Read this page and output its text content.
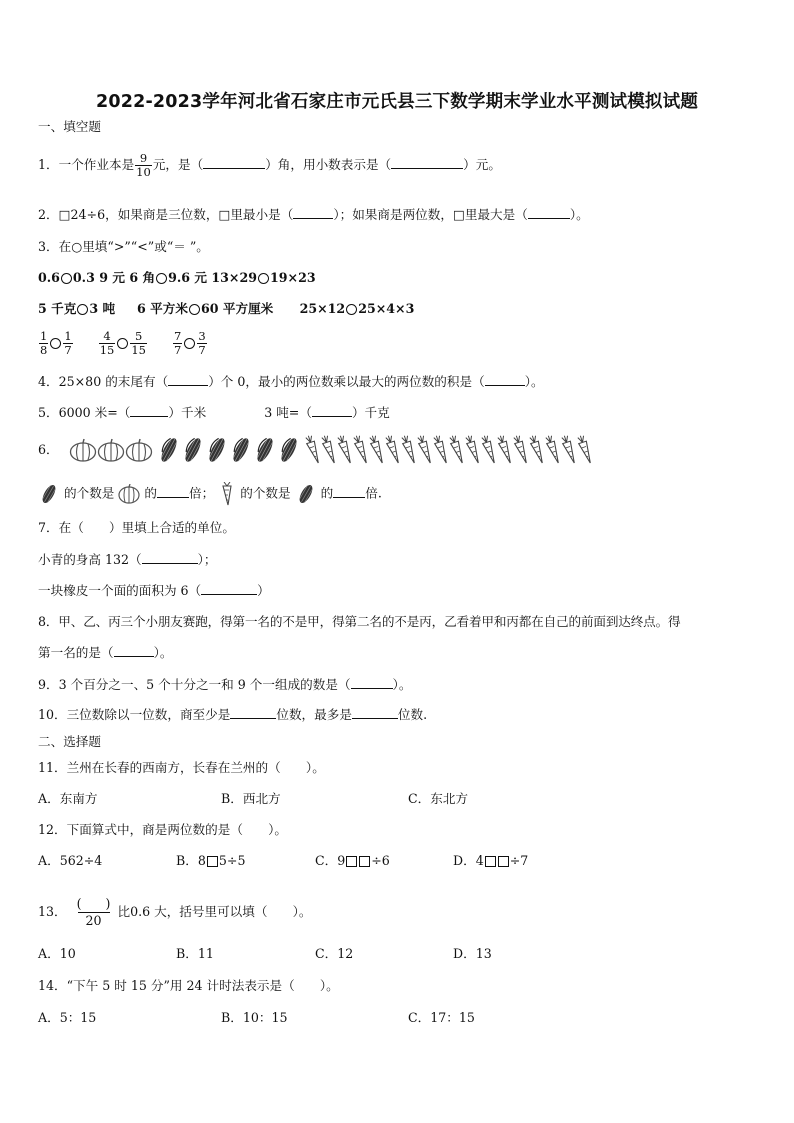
2022-2023学年河北省石家庄市元氏县三下数学期末学业水平测试模拟试题
一、填空题
1．一个作业本是 $\frac{9}{10}$ 元，是（	）角，用小数表示是（	）元。
2．□24÷6，如果商是三位数，□里最小是（	）；如果商是两位数，□里最大是（	）。
3．在○里填“>”“<”或“＝ ”。
0.6 0.3 9 元 6 角 9.6 元 13×29 19×23
5 千克 3 吨 6 平方米 60 平方厘米 25×12 25×4×3
$\frac{1}{8} \frac{1}{7}$
$\frac{4}{15} \frac{5}{15}$
$\frac{7}{7} \frac{3}{7}$
4．25×80 的末尾有（	）个 0，最小的两位数乘以最大的两位数的积是（	）。
5．6000 米=（	）千米	3 吨=（	）千克
6．
的个数是 的	倍； 的个数是 的	倍.
7．在（　　）里填上合适的单位。
小青的身高 132（	）；
一块橡皮一个面的面积为 6（	）
8．甲、乙、丙三个小朋友赛跑，得第一名的不是甲，得第二名的不是丙，乙看着甲和丙都在自己的前面到达终点。得
第一名的是（	）。
9．3 个百分之一、5 个十分之一和 9 个一组成的数是（	）。
10．三位数除以一位数，商至少是	位数，最多是	位数.
二、选择题
11．兰州在长春的西南方，长春在兰州的（　　）。
A．东南方	B．西北方	C．东北方
12．下面算式中，商是两位数的是（　　）。
A．562÷4	B．8 5÷5	C．9 ÷6	D．4 ÷7
13．
(      )
20
比0.6 大，括号里可以填（　　）。
A．10	B．11	C．12	D．13
14．“下午 5 时 15 分”用 24 计时法表示是（　　）。
A．5：15	B．10：15	C．17：15
